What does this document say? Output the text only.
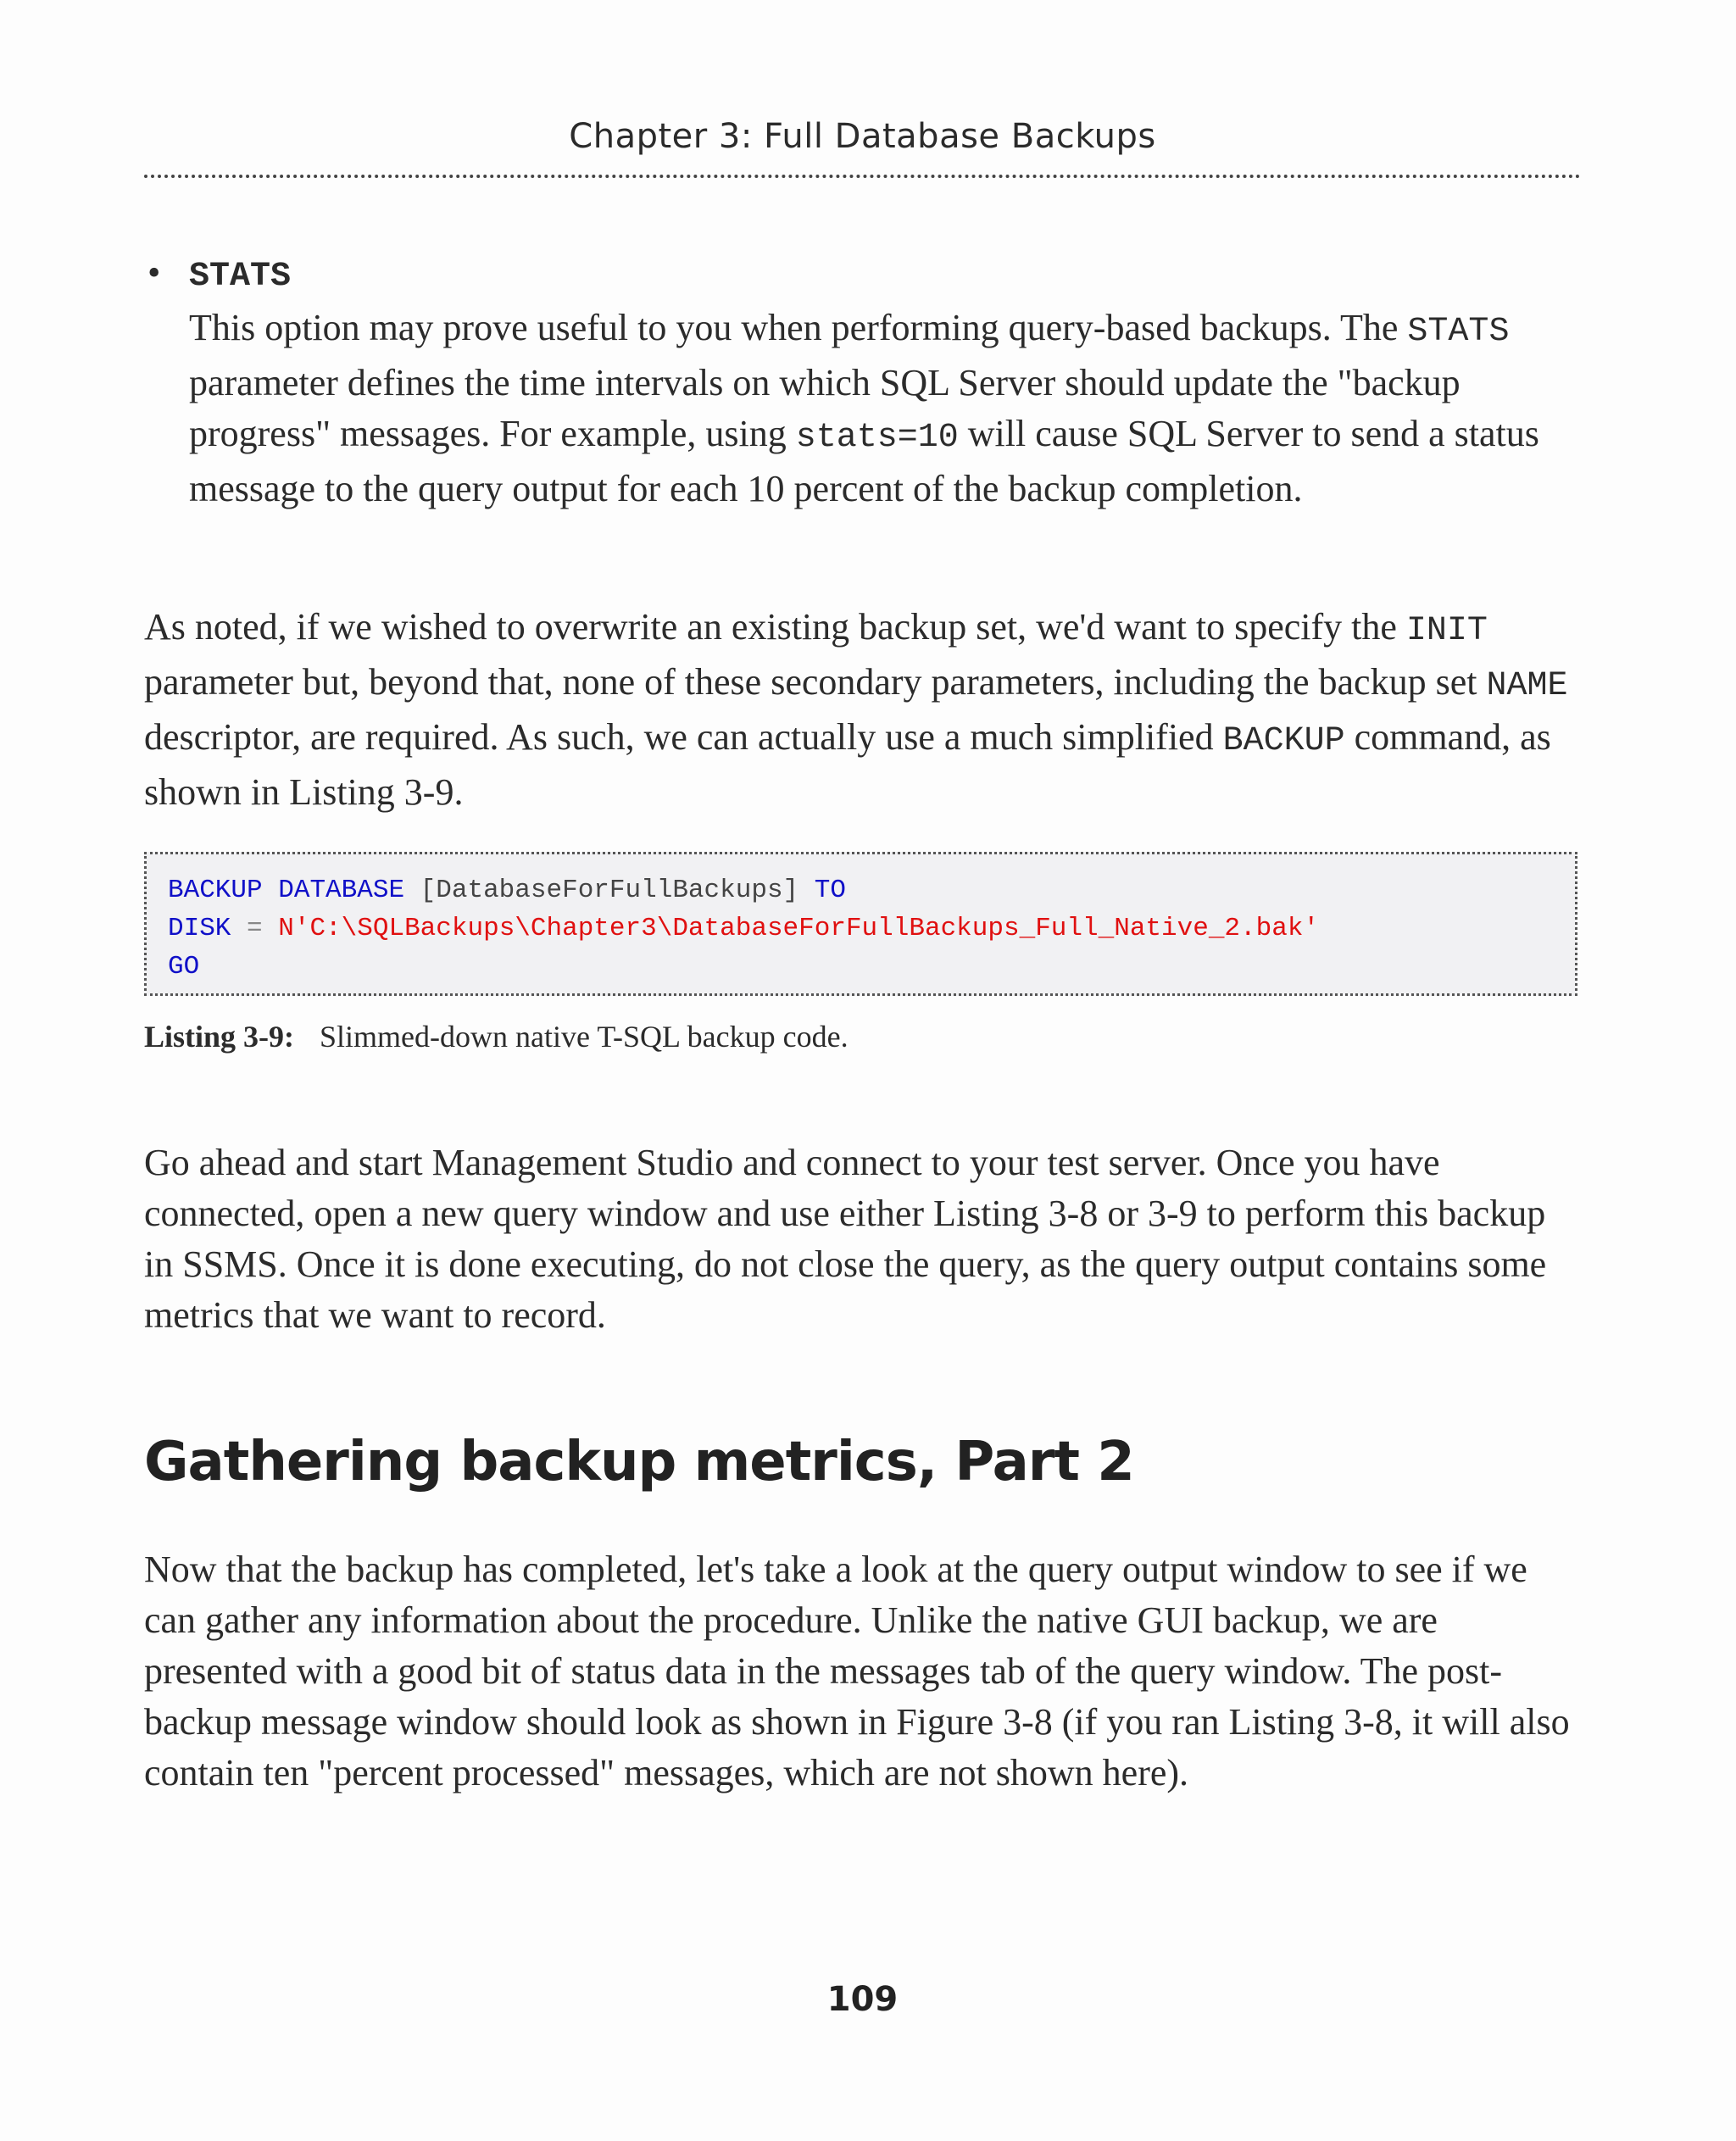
Chapter 3: Full Database Backups
• STATS

This option may prove useful to you when performing query-based backups. The STATS parameter defines the time intervals on which SQL Server should update the "backup progress" messages. For example, using stats=10 will cause SQL Server to send a status message to the query output for each 10 percent of the backup completion.

As noted, if we wished to overwrite an existing backup set, we'd want to specify the INIT parameter but, beyond that, none of these secondary parameters, including the backup set NAME descriptor, are required. As such, we can actually use a much simplified BACKUP command, as shown in Listing 3-9.

BACKUP DATABASE [DatabaseForFullBackups] TO
DISK = N'C:\SQLBackups\Chapter3\DatabaseForFullBackups_Full_Native_2.bak'
GO

Listing 3-9: Slimmed-down native T-SQL backup code.

Go ahead and start Management Studio and connect to your test server. Once you have connected, open a new query window and use either Listing 3-8 or 3-9 to perform this backup in SSMS. Once it is done executing, do not close the query, as the query output contains some metrics that we want to record.

Gathering backup metrics, Part 2

Now that the backup has completed, let's take a look at the query output window to see if we can gather any information about the procedure. Unlike the native GUI backup, we are presented with a good bit of status data in the messages tab of the query window. The post-backup message window should look as shown in Figure 3-8 (if you ran Listing 3-8, it will also contain ten "percent processed" messages, which are not shown here).

109
